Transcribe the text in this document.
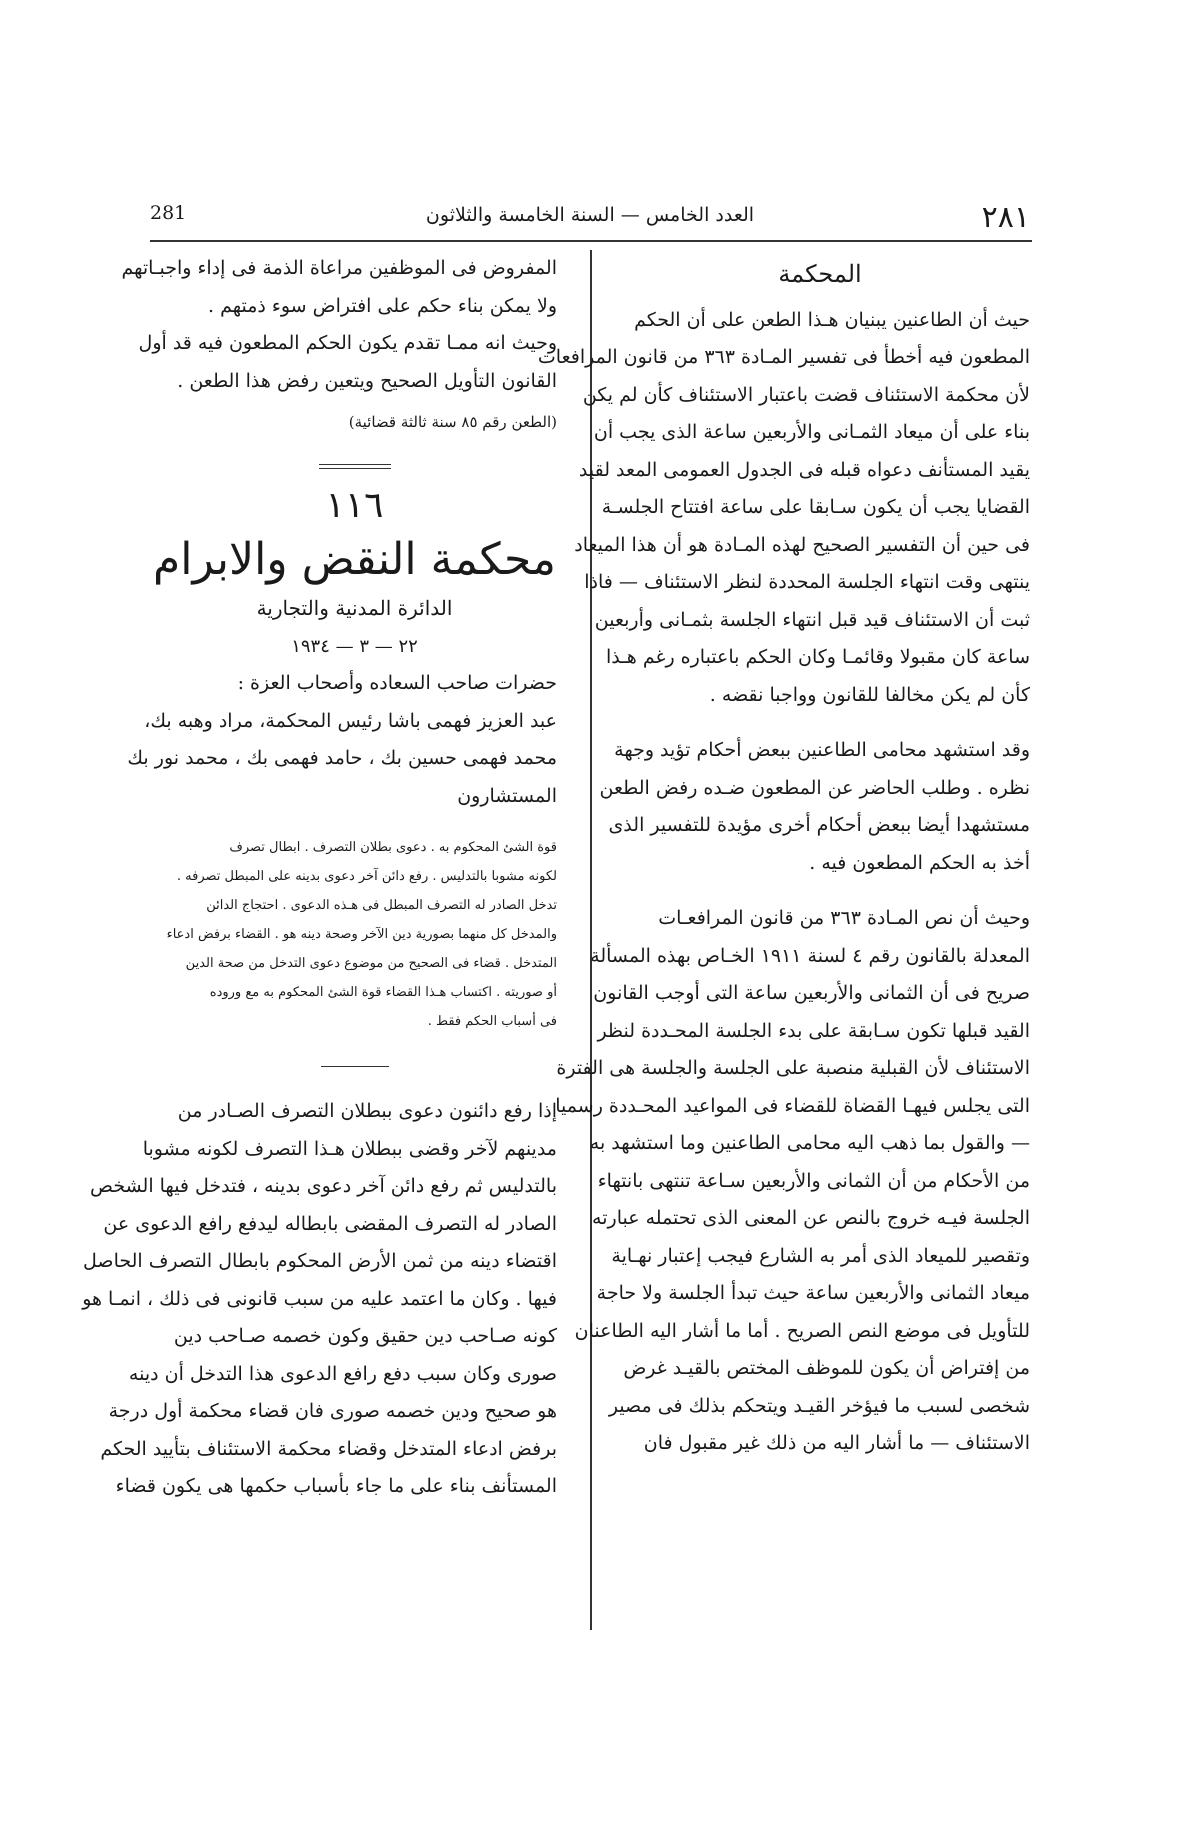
٢٨١
العدد الخامس — السنة الخامسة والثلاثون
281
المحكمة
حيث أن الطاعنين يبنيان هـذا الطعن على أن الحكم
المطعون فيه أخطأ فى تفسير المـادة ٣٦٣ من قانون المرافعات
لأن محكمة الاستئناف قضت باعتبار الاستئناف كأن لم يكن
بناء على أن ميعاد الثمـانى والأربعين ساعة الذى يجب أن
يقيد المستأنف دعواه قبله فى الجدول العمومى المعد لقيد
القضايا يجب أن يكون سـابقا على ساعة افتتاح الجلسـة
فى حين أن التفسير الصحيح لهذه المـادة هو أن هذا الميعاد
ينتهى وقت انتهاء الجلسة المحددة لنظر الاستئناف — فاذا
ثبت أن الاستئناف قيد قبل انتهاء الجلسة بثمـانى وأربعين
ساعة كان مقبولا وقائمـا وكان الحكم باعتباره رغم هـذا
كأن لم يكن مخالفا للقانون وواجبا نقضه .
وقد استشهد محامى الطاعنين ببعض أحكام تؤيد وجهة
نظره . وطلب الحاضر عن المطعون ضـده رفض الطعن
مستشهدا أيضا ببعض أحكام أخرى مؤيدة للتفسير الذى
أخذ به الحكم المطعون فيه .
وحيث أن نص المـادة ٣٦٣ من قانون المرافعـات
المعدلة بالقانون رقم ٤ لسنة ١٩١١ الخـاص بهذه المسألة
صريح فى أن الثمانى والأربعين ساعة التى أوجب القانون
القيد قبلها تكون سـابقة على بدء الجلسة المحـددة لنظر
الاستئناف لأن القبلية منصبة على الجلسة والجلسة هى الفترة
التى يجلس فيهـا القضاة للقضاء فى المواعيد المحـددة رسميا
— والقول بما ذهب اليه محامى الطاعنين وما استشهد به
من الأحكام من أن الثمانى والأربعين سـاعة تنتهى بانتهاء
الجلسة فيـه خروج بالنص عن المعنى الذى تحتمله عبارته
وتقصير للميعاد الذى أمر به الشارع فيجب إعتبار نهـاية
ميعاد الثمانى والأربعين ساعة حيث تبدأ الجلسة ولا حاجة
للتأويل فى موضع النص الصريح . أما ما أشار اليه الطاعنان
من إفتراض أن يكون للموظف المختص بالقيـد غرض
شخصى لسبب ما فيؤخر القيـد ويتحكم بذلك فى مصير
الاستئناف — ما أشار اليه من ذلك غير مقبول فان
المفروض فى الموظفين مراعاة الذمة فى إداء واجبـاتهم
ولا يمكن بناء حكم على افتراض سوء ذمتهم .
وحيث انه ممـا تقدم يكون الحكم المطعون فيه قد أول
القانون التأويل الصحيح ويتعين رفض هذا الطعن .
(الطعن رقم ٨٥ سنة ثالثة قضائية)
١١٦
محكمة النقض والابرام
الدائرة المدنية والتجارية
٢٢ — ٣ — ١٩٣٤
حضرات صاحب السعاده وأصحاب العزة :
عبد العزيز فهمى باشا رئيس المحكمة، مراد وهبه بك،
محمد فهمى حسين بك ، حامد فهمى بك ، محمد نور بك
المستشارون
قوة الشئ المحكوم به . دعوى بطلان التصرف . ابطال تصرف
لكونه مشوبا بالتدليس . رفع دائن آخر دعوى بدينه على المبطل تصرفه .
تدخل الصادر له التصرف المبطل فى هـذه الدعوى . احتجاج الدائن
والمدخل كل منهما بصورية دين الآخر وصحة دينه هو . القضاء برفض ادعاء
المتدخل . قضاء فى الصحيح من موضوع دعوى التدخل من صحة الدين
أو صوريته . اكتساب هـذا القضاء قوة الشئ المحكوم به مع وروده
فى أسباب الحكم فقط .
إذا رفع دائنون دعوى ببطلان التصرف الصـادر من
مدينهم لآخر وقضى ببطلان هـذا التصرف لكونه مشوبا
بالتدليس ثم رفع دائن آخر دعوى بدينه ، فتدخل فيها الشخص
الصادر له التصرف المقضى بابطاله ليدفع رافع الدعوى عن
اقتضاء دينه من ثمن الأرض المحكوم بابطال التصرف الحاصل
فيها . وكان ما اعتمد عليه من سبب قانونى فى ذلك ، انمـا هو
كونه صـاحب دين حقيق وكون خصمه صـاحب دين
صورى وكان سبب دفع رافع الدعوى هذا التدخل أن دينه
هو صحيح ودين خصمه صورى فان قضاء محكمة أول درجة
برفض ادعاء المتدخل وقضاء محكمة الاستئناف بتأييد الحكم
المستأنف بناء على ما جاء بأسباب حكمها هى يكون قضاء
